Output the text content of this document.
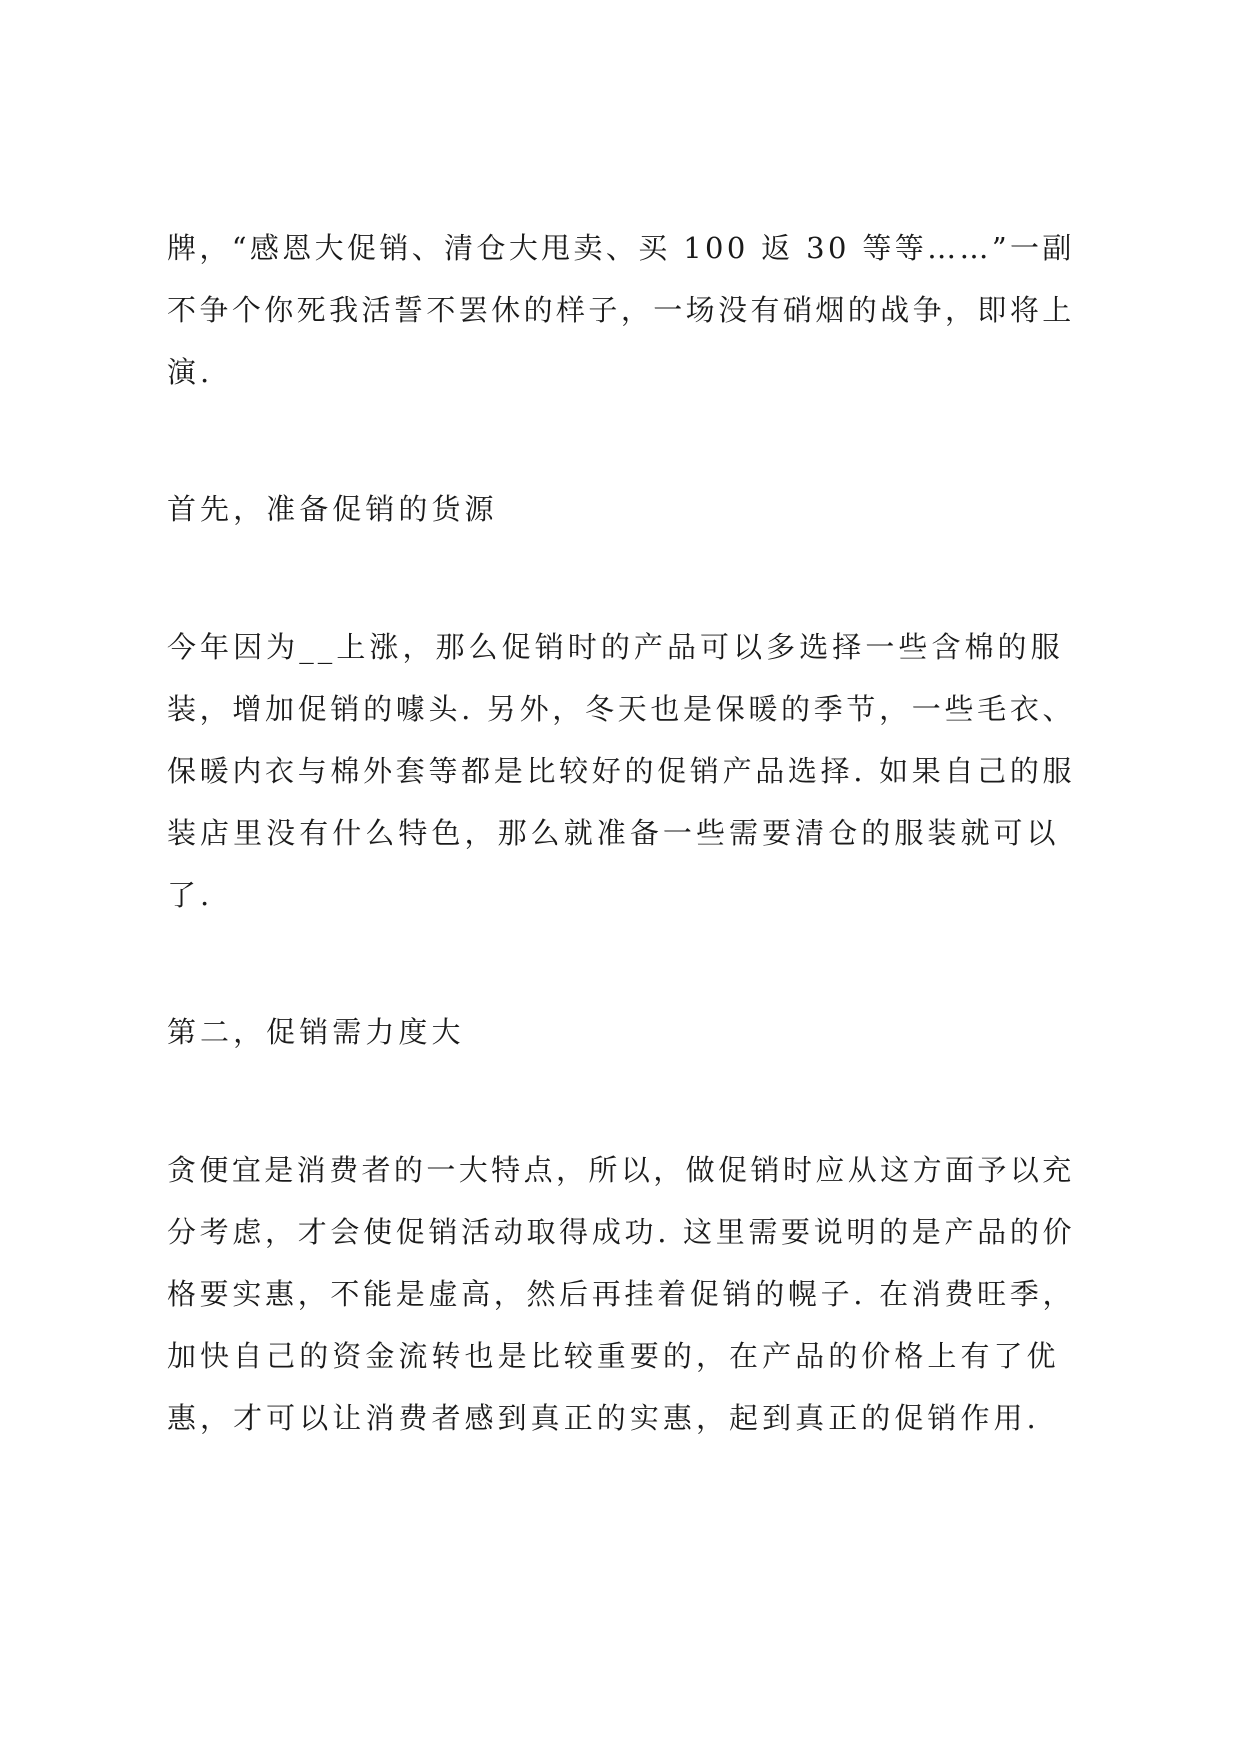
牌，“感恩大促销、清仓大甩卖、买 100 返 30 等等……”一副

不争个你死我活誓不罢休的样子，一场没有硝烟的战争，即将上

演.

首先，准备促销的货源

今年因为__上涨，那么促销时的产品可以多选择一些含棉的服

装，增加促销的噱头. 另外，冬天也是保暖的季节，一些毛衣、

保暖内衣与棉外套等都是比较好的促销产品选择. 如果自己的服

装店里没有什么特色，那么就准备一些需要清仓的服装就可以

了.

第二，促销需力度大

贪便宜是消费者的一大特点，所以，做促销时应从这方面予以充

分考虑，才会使促销活动取得成功. 这里需要说明的是产品的价

格要实惠，不能是虚高，然后再挂着促销的幌子. 在消费旺季，

加快自己的资金流转也是比较重要的，在产品的价格上有了优

惠，才可以让消费者感到真正的实惠，起到真正的促销作用.
